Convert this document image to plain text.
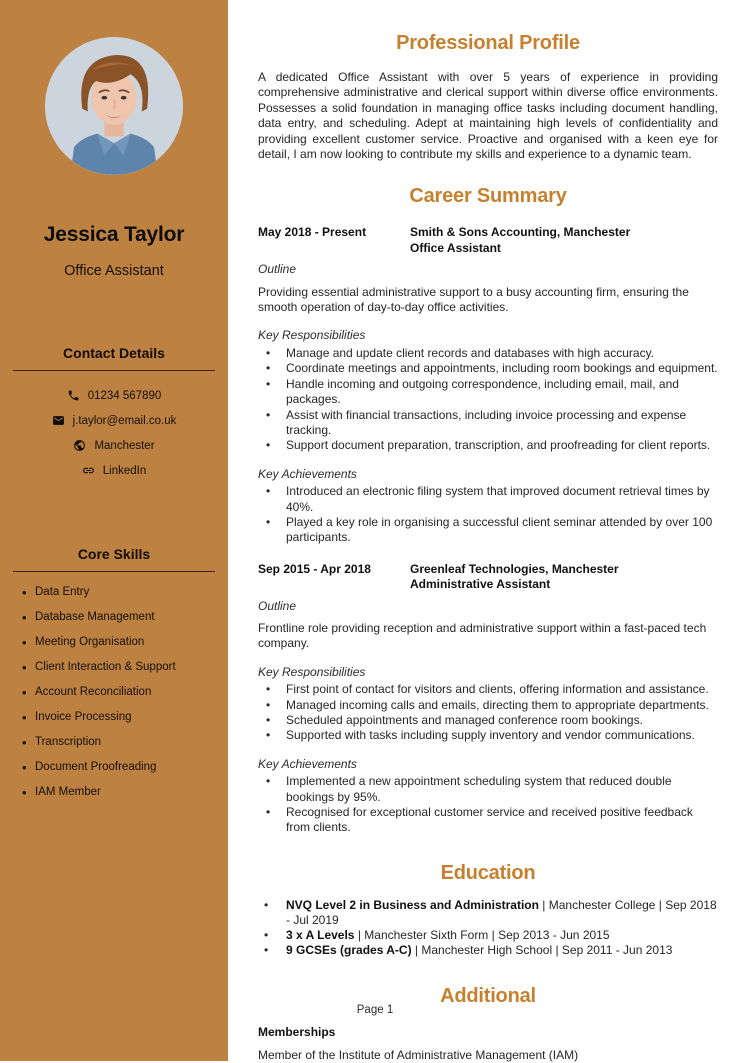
Jessica Taylor
Office Assistant
Contact Details
01234 567890
j.taylor@email.co.uk
Manchester
LinkedIn
Core Skills
• Data Entry
• Database Management
• Meeting Organisation
• Client Interaction & Support
• Account Reconciliation
• Invoice Processing
• Transcription
• Document Proofreading
• IAM Member
Professional Profile

A dedicated Office Assistant with over 5 years of experience in providing comprehensive administrative and clerical support within diverse office environments. Possesses a solid foundation in managing office tasks including document handling, data entry, and scheduling. Adept at maintaining high levels of confidentiality and providing excellent customer service. Proactive and organised with a keen eye for detail, I am now looking to contribute my skills and experience to a dynamic team.

Career Summary
May 2018 - Present	Smith & Sons Accounting, Manchester
Office Assistant
Outline

Providing essential administrative support to a busy accounting firm, ensuring the smooth operation of day-to-day office activities.

Key Responsibilities
• Manage and update client records and databases with high accuracy.
• Coordinate meetings and appointments, including room bookings and equipment.
• Handle incoming and outgoing correspondence, including email, mail, and packages.
• Assist with financial transactions, including invoice processing and expense tracking.
• Support document preparation, transcription, and proofreading for client reports.
Key Achievements
• Introduced an electronic filing system that improved document retrieval times by 40%.
• Played a key role in organising a successful client seminar attended by over 100 participants.
Sep 2015 - Apr 2018	Greenleaf Technologies, Manchester
Administrative Assistant
Outline

Frontline role providing reception and administrative support within a fast-paced tech company.

Key Responsibilities
• First point of contact for visitors and clients, offering information and assistance.
• Managed incoming calls and emails, directing them to appropriate departments.
• Scheduled appointments and managed conference room bookings.
• Supported with tasks including supply inventory and vendor communications.
Key Achievements
• Implemented a new appointment scheduling system that reduced double bookings by 95%.
• Recognised for exceptional customer service and received positive feedback from clients.
Education
• NVQ Level 2 in Business and Administration | Manchester College | Sep 2018 - Jul 2019
• 3 x A Levels | Manchester Sixth Form | Sep 2013 - Jun 2015
• 9 GCSEs (grades A-C) | Manchester High School | Sep 2011 - Jun 2013
Additional
Memberships

Member of the Institute of Administrative Management (IAM)

Page 1
